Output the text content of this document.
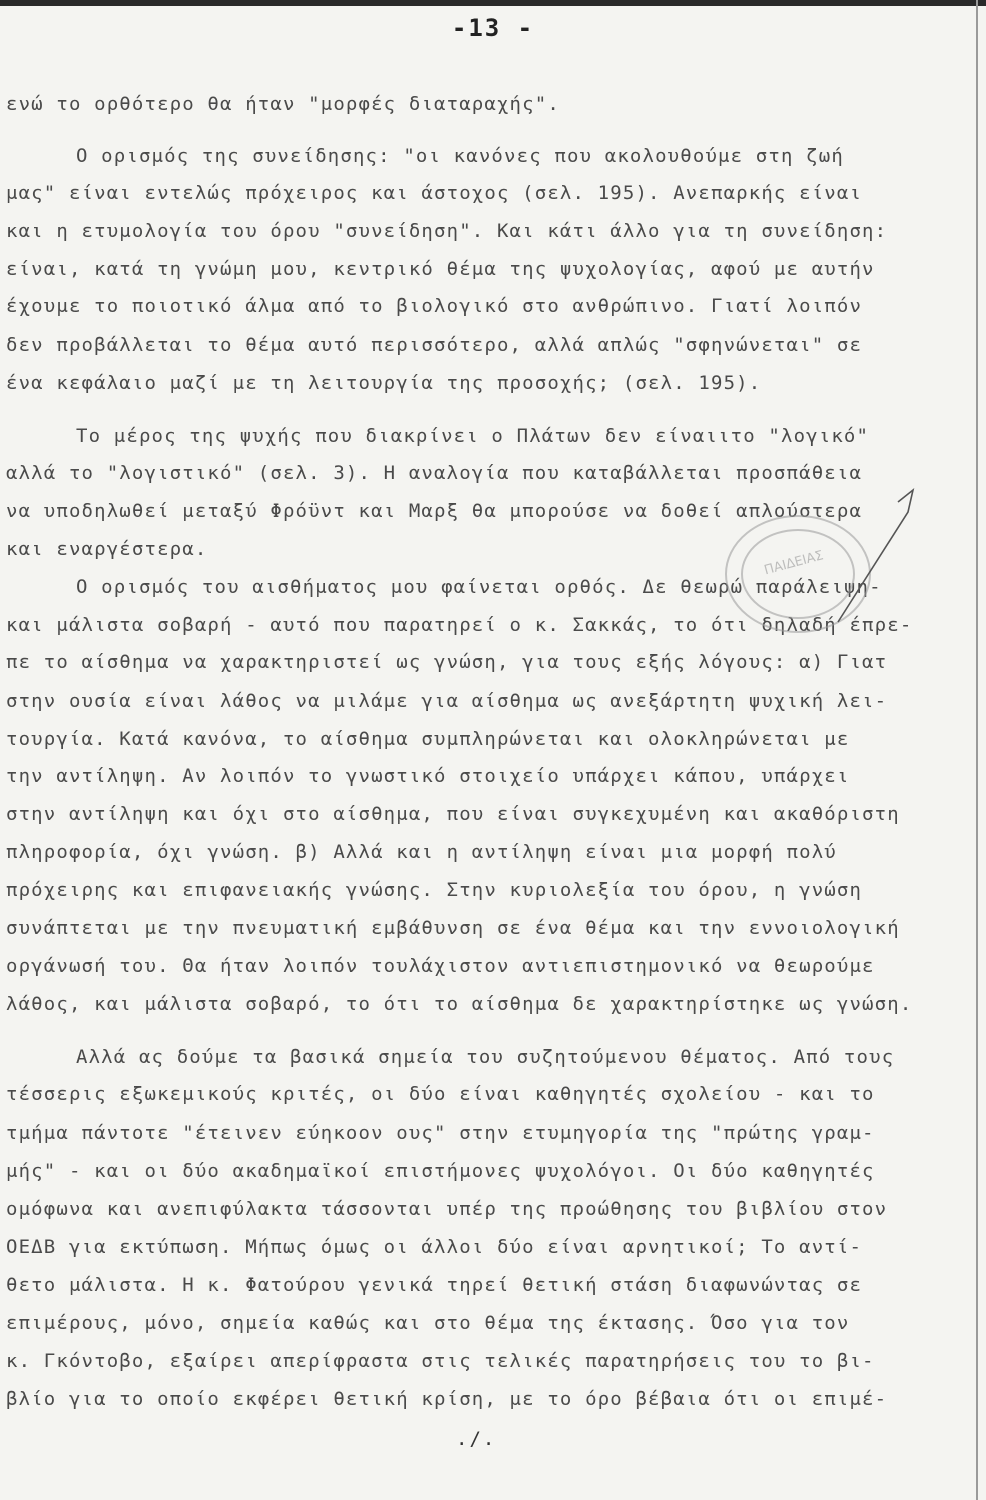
-13 -
ενώ το ορθότερο θα ήταν "μορφές διαταραχής".
Ο ορισμός της συνείδησης: "οι κανόνες που ακολουθούμε στη ζωή
μας" είναι εντελώς πρόχειρος και άστοχος (σελ. 195). Ανεπαρκής είναι
και η ετυμολογία του όρου "συνείδηση". Και κάτι άλλο για τη συνείδηση:
είναι, κατά τη γνώμη μου, κεντρικό θέμα της ψυχολογίας, αφού με αυτήν
έχουμε το ποιοτικό άλμα από το βιολογικό στο ανθρώπινο. Γιατί λοιπόν
δεν προβάλλεται το θέμα αυτό περισσότερο, αλλά απλώς "σφηνώνεται" σε
ένα κεφάλαιο μαζί με τη λειτουργία της προσοχής; (σελ. 195).
Το μέρος της ψυχής που διακρίνει ο Πλάτων δεν είναιιτο "λογικό"
αλλά το "λογιστικό" (σελ. 3). Η αναλογία που καταβάλλεται προσπάθεια
να υποδηλωθεί μεταξύ Φρόϋντ και Μαρξ θα μπορούσε να δοθεί απλούστερα
και εναργέστερα.
Ο ορισμός του αισθήματος μου φαίνεται ορθός. Δε θεωρώ παράλειψη-
και μάλιστα σοβαρή - αυτό που παρατηρεί ο κ. Σακκάς, το ότι δηλαδή έπρε-
πε το αίσθημα να χαρακτηριστεί ως γνώση, για τους εξής λόγους: α) Γιατ
στην ουσία είναι λάθος να μιλάμε για αίσθημα ως ανεξάρτητη ψυχική λει-
τουργία. Κατά κανόνα, το αίσθημα συμπληρώνεται και ολοκληρώνεται με
την αντίληψη. Αν λοιπόν το γνωστικό στοιχείο υπάρχει κάπου, υπάρχει
στην αντίληψη και όχι στο αίσθημα, που είναι συγκεχυμένη και ακαθόριστη
πληροφορία, όχι γνώση. β) Αλλά και η αντίληψη είναι μια μορφή πολύ
πρόχειρης και επιφανειακής γνώσης. Στην κυριολεξία του όρου, η γνώση
συνάπτεται με την πνευματική εμβάθυνση σε ένα θέμα και την εννοιολογική
οργάνωσή του. Θα ήταν λοιπόν τουλάχιστον αντιεπιστημονικό να θεωρούμε
λάθος, και μάλιστα σοβαρό, το ότι το αίσθημα δε χαρακτηρίστηκε ως γνώση.
Αλλά ας δούμε τα βασικά σημεία του συζητούμενου θέματος. Από τους
τέσσερις εξωκεμικούς κριτές, οι δύο είναι καθηγητές σχολείου - και το
τμήμα πάντοτε "έτεινεν εύηκοον ους" στην ετυμηγορία της "πρώτης γραμ-
μής" - και οι δύο ακαδημαϊκοί επιστήμονες ψυχολόγοι. Οι δύο καθηγητές
ομόφωνα και ανεπιφύλακτα τάσσονται υπέρ της προώθησης του βιβλίου στον
ΟΕΔΒ για εκτύπωση. Μήπως όμως οι άλλοι δύο είναι αρνητικοί; Το αντί-
θετο μάλιστα. Η κ. Φατούρου γενικά τηρεί θετική στάση διαφωνώντας σε
επιμέρους, μόνο, σημεία καθώς και στο θέμα της έκτασης. Όσο για τον
κ. Γκόντοβο, εξαίρει απερίφραστα στις τελικές παρατηρήσεις του το βι-
βλίο για το οποίο εκφέρει θετική κρίση, με το όρο βέβαια ότι οι επιμέ-
./.
ΠΑΙΔΕΙΑΣ
